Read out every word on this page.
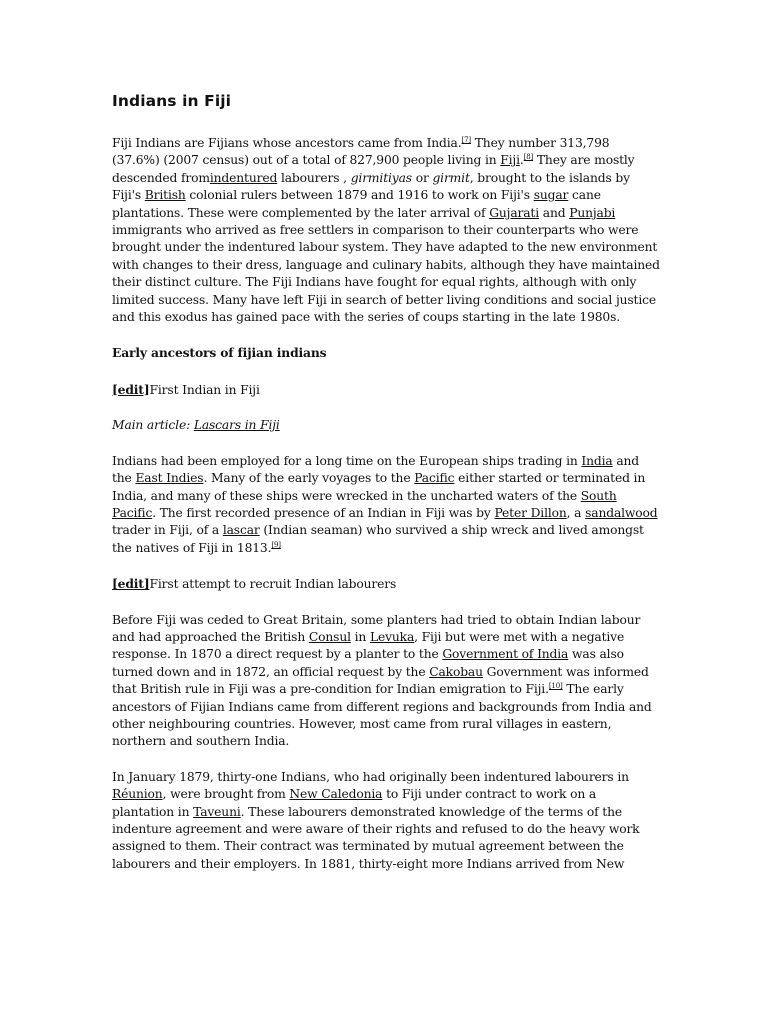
Indians in Fiji

Fiji Indians are Fijians whose ancestors came from India.[7] They number 313,798 (37.6%) (2007 census) out of a total of 827,900 people living in Fiji.[8] They are mostly descended fromindentured labourers , girmitiyas or girmit, brought to the islands by Fiji's British colonial rulers between 1879 and 1916 to work on Fiji's sugar cane plantations. These were complemented by the later arrival of Gujarati and Punjabi immigrants who arrived as free settlers in comparison to their counterparts who were brought under the indentured labour system. They have adapted to the new environment with changes to their dress, language and culinary habits, although they have maintained their distinct culture. The Fiji Indians have fought for equal rights, although with only limited success. Many have left Fiji in search of better living conditions and social justice and this exodus has gained pace with the series of coups starting in the late 1980s.

Early ancestors of fijian indians

[edit]First Indian in Fiji

Main article: Lascars in Fiji

Indians had been employed for a long time on the European ships trading in India and the East Indies. Many of the early voyages to the Pacific either started or terminated in India, and many of these ships were wrecked in the uncharted waters of the South Pacific. The first recorded presence of an Indian in Fiji was by Peter Dillon, a sandalwood trader in Fiji, of a lascar (Indian seaman) who survived a ship wreck and lived amongst the natives of Fiji in 1813.[9]

[edit]First attempt to recruit Indian labourers

Before Fiji was ceded to Great Britain, some planters had tried to obtain Indian labour and had approached the British Consul in Levuka, Fiji but were met with a negative response. In 1870 a direct request by a planter to the Government of India was also turned down and in 1872, an official request by the Cakobau Government was informed that British rule in Fiji was a pre-condition for Indian emigration to Fiji.[10] The early ancestors of Fijian Indians came from different regions and backgrounds from India and other neighbouring countries. However, most came from rural villages in eastern, northern and southern India.

In January 1879, thirty-one Indians, who had originally been indentured labourers in Réunion, were brought from New Caledonia to Fiji under contract to work on a plantation in Taveuni. These labourers demonstrated knowledge of the terms of the indenture agreement and were aware of their rights and refused to do the heavy work assigned to them. Their contract was terminated by mutual agreement between the labourers and their employers. In 1881, thirty-eight more Indians arrived from New
